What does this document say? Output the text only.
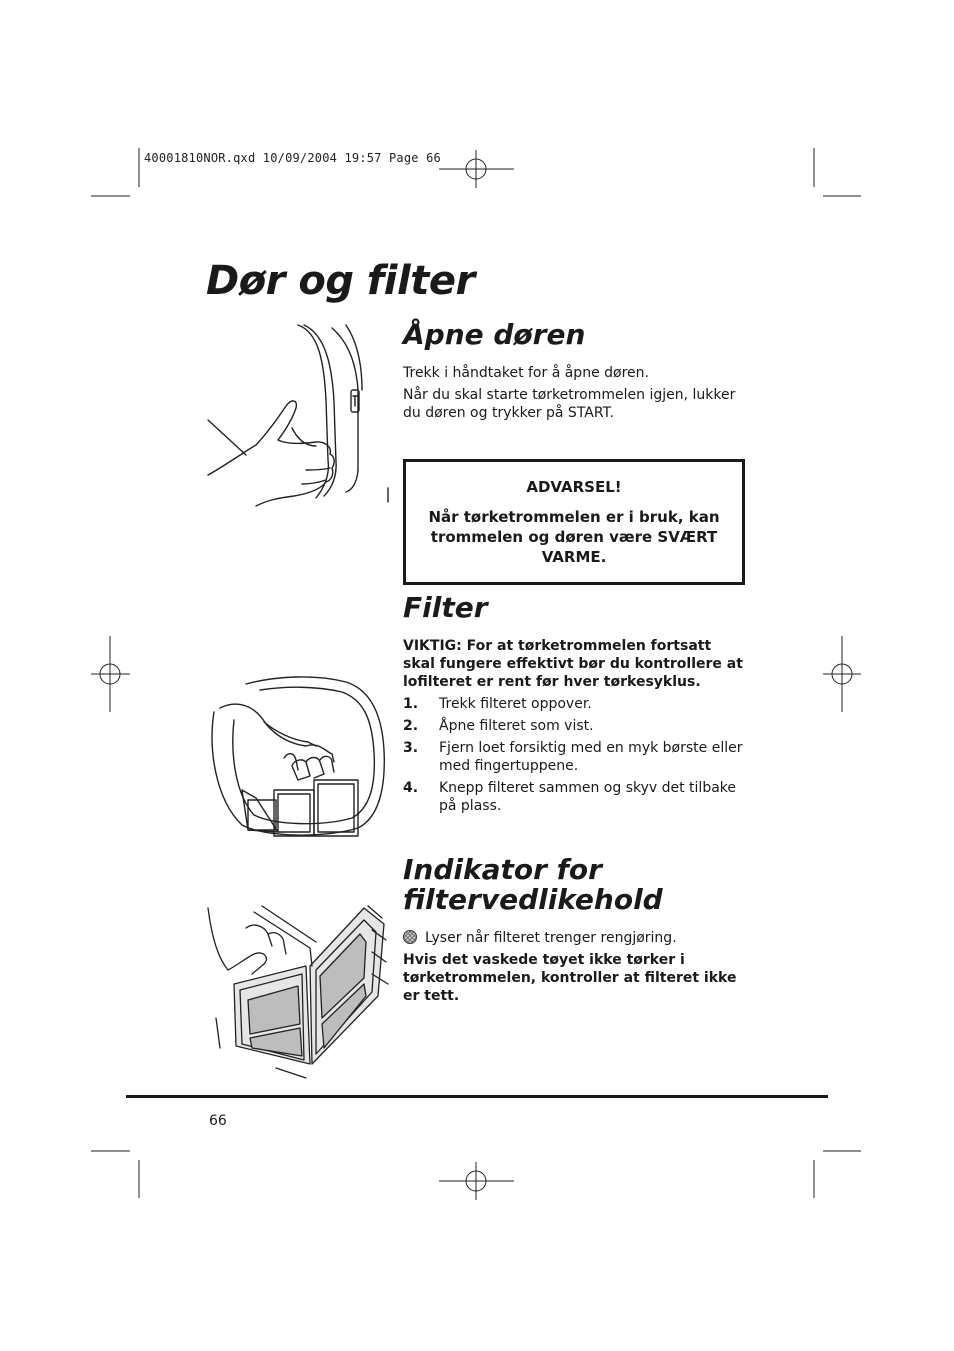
40001810NOR.qxd 10/09/2004 19:57 Page 66
Dør og filter
Åpne døren

Trekk i håndtaket for å åpne døren.

Når du skal starte tørketrommelen igjen, lukker du døren og trykker på START.

ADVARSEL!
Når tørketrommelen er i bruk, kan trommelen og døren være SVÆRT VARME.
Filter

VIKTIG: For at tørketrommelen fortsatt skal fungere effektivt bør du kontrollere at lofilteret er rent før hver tørkesyklus.

1. Trekk filteret oppover.
2. Åpne filteret som vist.
3. Fjern loet forsiktig med en myk børste eller med fingertuppene.
4. Knepp filteret sammen og skyv det tilbake på plass.
Indikator for filtervedlikehold

Lyser når filteret trenger rengjøring.

Hvis det vaskede tøyet ikke tørker i tørketrommelen, kontroller at filteret ikke er tett.

66
